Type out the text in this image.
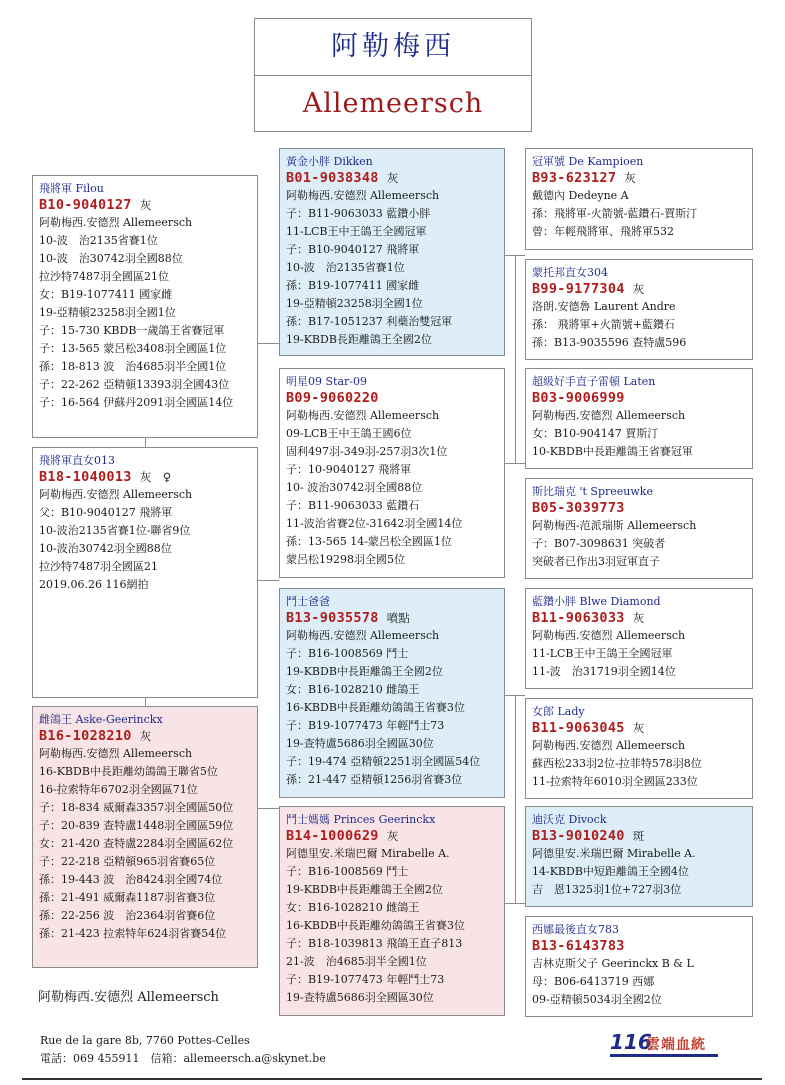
阿勒梅西
Allemeersch
飛將軍 Filou
B10-9040127 灰
阿勒梅西.安德烈 Allemeersch
10-波　治2135省賽1位
10-波　治30742羽全國88位
拉沙特7487羽全國區21位
女：B19-1077411 國家雌
19-亞精頓23258羽全國1位
子：15-730 KBDB一歲鴿王省賽冠軍
子：13-565 蒙呂松3408羽全國區1位
孫：18-813 波　治4685羽半全國1位
子：22-262 亞精頓13393羽全國43位
子：16-564 伊蘇丹2091羽全國區14位
飛將軍直女013
B18-1040013 灰　♀
阿勒梅西.安德烈 Allemeersch
父：B10-9040127 飛將軍
10-波治2135省賽1位-聯省9位
10-波治30742羽全國88位
拉沙特7487羽全國區21
2019.06.26 116網拍
雌鴿王 Aske-Geerinckx
B16-1028210 灰
阿勒梅西.安德烈 Allemeersch
16-KBDB中長距離幼鴿鴿王聯省5位
16-拉索特年6702羽全國區71位
子：18-834 威爾森3357羽全國區50位
子：20-839 查特盧1448羽全國區59位
女：21-420 查特盧2284羽全國區62位
子：22-218 亞精頓965羽省賽65位
孫：19-443 波　治8424羽全國74位
孫：21-491 威爾森1187羽省賽3位
孫：22-256 波　治2364羽省賽6位
孫：21-423 拉索特年624羽省賽54位
黃金小胖 Dikken
B01-9038348 灰
阿勒梅西.安德烈 Allemeersch
子：B11-9063033 藍鑽小胖
11-LCB王中王鴿王全國冠軍
子：B10-9040127 飛將軍
10-波　治2135省賽1位
孫：B19-1077411 國家雌
19-亞精頓23258羽全國1位
孫：B17-1051237 利蘗治雙冠軍
19-KBDB長距離鴿王全國2位
明星09 Star-09
B09-9060220
阿勒梅西.安德烈 Allemeersch
09-LCB王中王鴿王國6位
固利497羽-349羽-257羽3次1位
子：10-9040127 飛將軍
10- 波治30742羽全國88位
子：B11-9063033 藍鑽石
11-波治省賽2位-31642羽全國14位
孫：13-565 14-蒙呂松全國區1位
蒙呂松19298羽全國5位
鬥士爸爸
B13-9035578 噴點
阿勒梅西.安德烈 Allemeersch
子：B16-1008569 鬥士
19-KBDB中長距離鴿王全國2位
女：B16-1028210 雌鴿王
16-KBDB中長距離幼鴿鴿王省賽3位
子：B19-1077473 年輕鬥士73
19-查特盧5686羽全國區30位
子：19-474 亞精頓2251羽全國區54位
孫：21-447 亞精頓1256羽省賽3位
鬥士媽媽 Princes Geerinckx
B14-1000629 灰
阿德里安.米瑞巴爾 Mirabelle A.
子：B16-1008569 鬥士
19-KBDB中長距離鴿王全國2位
女：B16-1028210 雌鴿王
16-KBDB中長距離幼鴿鴿王省賽3位
子：B18-1039813 飛鴿王直子813
21-波　治4685羽半全國1位
子：B19-1077473 年輕鬥士73
19-查特盧5686羽全國區30位
冠軍號 De Kampioen
B93-623127 灰
戴德內 Dedeyne A
孫：飛將軍-火箭號-藍鑽石-賈斯汀
曾：年輕飛將軍、飛將軍532
蒙托邦直女304
B99-9177304 灰
洛朗.安德魯 Laurent Andre
孫： 飛將軍+火箭號+藍鑽石
孫：B13-9035596 查特盧596
超級好手直子雷頓 Laten
B03-9006999
阿勒梅西.安德烈 Allemeersch
女：B10-904147 賈斯汀
10-KBDB中長距離鴿王省賽冠軍
斯比瑞克 't Spreeuwke
B05-3039773
阿勒梅西-范派瑞斯 Allemeersch
子：B07-3098631 突破者
突破者已作出3羽冠軍直子
藍鑽小胖 Blwe Diamond
B11-9063033 灰
阿勒梅西.安德烈 Allemeersch
11-LCB王中王鴿王全國冠軍
11-波　治31719羽全國14位
女郎 Lady
B11-9063045 灰
阿勒梅西.安德烈 Allemeersch
蘇西松233羽2位-拉菲特578羽8位
11-拉索特年6010羽全國區233位
迪沃克 Divock
B13-9010240 斑
阿德里安.米瑞巴爾 Mirabelle A.
14-KBDB中短距離鴿王全國4位
吉　恩1325羽1位+727羽3位
西娜最後直女783
B13-6143783
吉林克斯父子 Geerinckx B & L
母：B06-6413719 西娜
09-亞精頓5034羽全國2位
阿勒梅西.安德烈 Allemeersch
Rue de la gare 8b, 7760 Pottes-Celles
電話：069 455911　信箱：allemeersch.a@skynet.be
116
雲端血統
